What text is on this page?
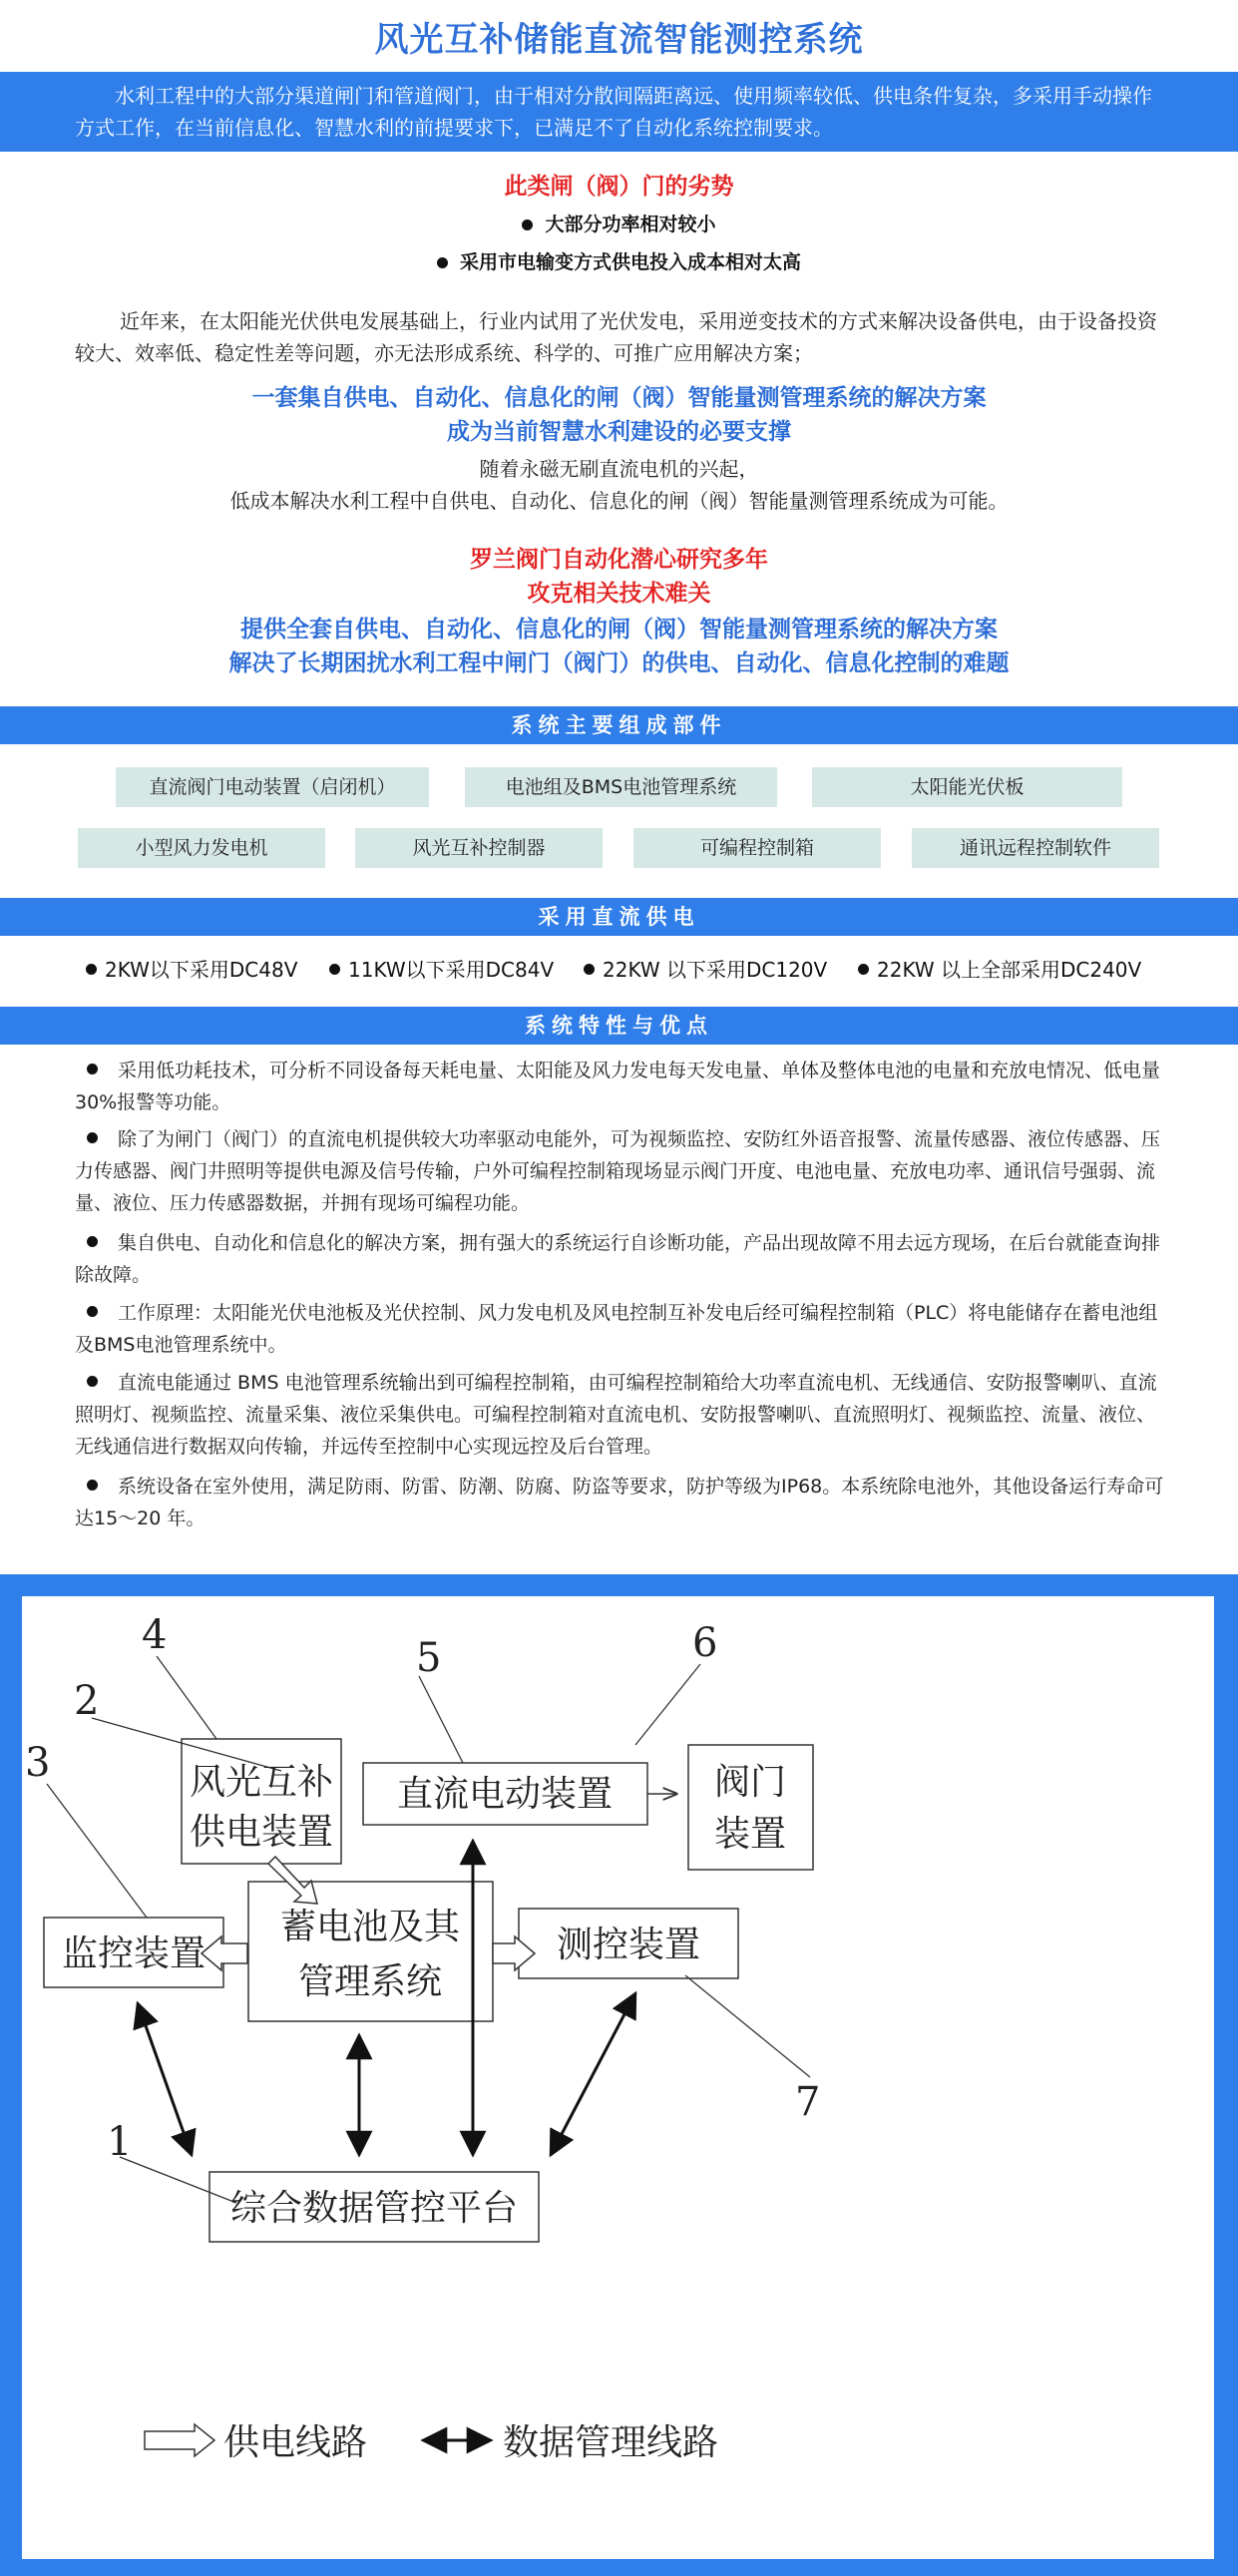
风光互补储能直流智能测控系统

水利工程中的大部分渠道闸门和管道阀门，由于相对分散间隔距离远、使用频率较低、供电条件复杂，多采用手动操作方式工作，在当前信息化、智慧水利的前提要求下，已满足不了自动化系统控制要求。

此类闸（阀）门的劣势
大部分功率相对较小
采用市电输变方式供电投入成本相对太高

近年来，在太阳能光伏供电发展基础上，行业内试用了光伏发电，采用逆变技术的方式来解决设备供电，由于设备投资较大、效率低、稳定性差等问题，亦无法形成系统、科学的、可推广应用解决方案；

一套集自供电、自动化、信息化的闸（阀）智能量测管理系统的解决方案
成为当前智慧水利建设的必要支撑
随着永磁无刷直流电机的兴起，
低成本解决水利工程中自供电、自动化、信息化的闸（阀）智能量测管理系统成为可能。
罗兰阀门自动化潜心研究多年
攻克相关技术难关
提供全套自供电、自动化、信息化的闸（阀）智能量测管理系统的解决方案
解决了长期困扰水利工程中闸门（阀门）的供电、自动化、信息化控制的难题
系统主要组成部件
直流阀门电动装置（启闭机）	电池组及BMS电池管理系统	太阳能光伏板
小型风力发电机	风光互补控制器	可编程控制箱	通讯远程控制软件
采用直流供电
2KW以下采用DC48V	11KW以下采用DC84V	22KW 以下采用DC120V	22KW 以上全部采用DC240V
系统特性与优点

采用低功耗技术，可分析不同设备每天耗电量、太阳能及风力发电每天发电量、单体及整体电池的电量和充放电情况、低电量30%报警等功能。

除了为闸门（阀门）的直流电机提供较大功率驱动电能外，可为视频监控、安防红外语音报警、流量传感器、液位传感器、压力传感器、阀门井照明等提供电源及信号传输，户外可编程控制箱现场显示阀门开度、电池电量、充放电功率、通讯信号强弱、流量、液位、压力传感器数据，并拥有现场可编程功能。

集自供电、自动化和信息化的解决方案，拥有强大的系统运行自诊断功能，产品出现故障不用去远方现场，在后台就能查询排除故障。

工作原理：太阳能光伏电池板及光伏控制、风力发电机及风电控制互补发电后经可编程控制箱（PLC）将电能储存在蓄电池组及BMS电池管理系统中。

直流电能通过 BMS 电池管理系统输出到可编程控制箱，由可编程控制箱给大功率直流电机、无线通信、安防报警喇叭、直流照明灯、视频监控、流量采集、液位采集供电。可编程控制箱对直流电机、安防报警喇叭、直流照明灯、视频监控、流量、液位、无线通信进行数据双向传输，并远传至控制中心实现远控及后台管理。

系统设备在室外使用，满足防雨、防雷、防潮、防腐、防盗等要求，防护等级为IP68。本系统除电池外，其他设备运行寿命可达15～20 年。

4
2
3
5	6
7
1
风光互补
供电装置
直流电动装置	阀门
装置
蓄电池及其
管理系统
监控装置	测控装置
综合数据管控平台
供电线路	数据管理线路
